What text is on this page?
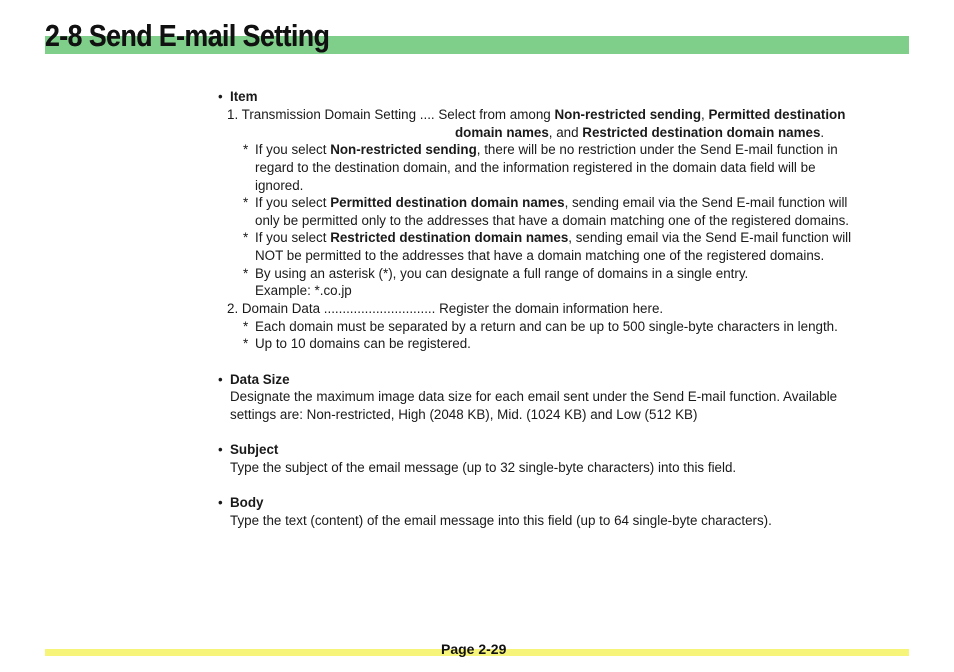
2-8 Send E-mail Setting
• Item
1. Transmission Domain Setting .... Select from among Non-restricted sending, Permitted destination
domain names, and Restricted destination domain names.
* If you select Non-restricted sending, there will be no restriction under the Send E-mail function in
regard to the destination domain, and the information registered in the domain data field will be
ignored.
* If you select Permitted destination domain names, sending email via the Send E-mail function will
only be permitted only to the addresses that have a domain matching one of the registered domains.
* If you select Restricted destination domain names, sending email via the Send E-mail function will
NOT be permitted to the addresses that have a domain matching one of the registered domains.
* By using an asterisk (*), you can designate a full range of domains in a single entry.
Example: *.co.jp
2. Domain Data .............................. Register the domain information here.
* Each domain must be separated by a return and can be up to 500 single-byte characters in length.
* Up to 10 domains can be registered.
• Data Size
Designate the maximum image data size for each email sent under the Send E-mail function. Available
settings are: Non-restricted, High (2048 KB), Mid. (1024 KB) and Low (512 KB)
• Subject
Type the subject of the email message (up to 32 single-byte characters) into this field.
• Body
Type the text (content) of the email message into this field (up to 64 single-byte characters).
Page 2-29
